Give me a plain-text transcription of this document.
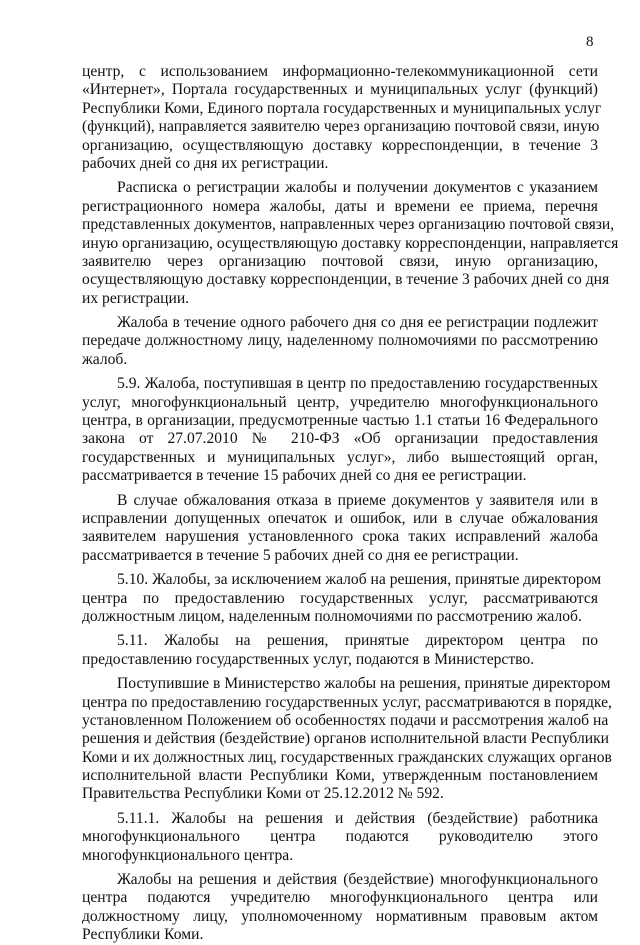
8
центр, с использованием информационно-телекоммуникационной сети
«Интернет», Портала государственных и муниципальных услуг (функций)
Республики Коми, Единого портала государственных и муниципальных услуг
(функций), направляется заявителю через организацию почтовой связи, иную
организацию, осуществляющую доставку корреспонденции, в течение 3
рабочих дней со дня их регистрации.
Расписка о регистрации жалобы и получении документов с указанием
регистрационного номера жалобы, даты и времени ее приема, перечня
представленных документов, направленных через организацию почтовой связи,
иную организацию, осуществляющую доставку корреспонденции, направляется
заявителю через организацию почтовой связи, иную организацию,
осуществляющую доставку корреспонденции, в течение 3 рабочих дней со дня
их регистрации.
Жалоба в течение одного рабочего дня со дня ее регистрации подлежит
передаче должностному лицу, наделенному полномочиями по рассмотрению
жалоб.
5.9. Жалоба, поступившая в центр по предоставлению государственных
услуг, многофункциональный центр, учредителю многофункционального
центра, в организации, предусмотренные частью 1.1 статьи 16 Федерального
закона от 27.07.2010 № 210-ФЗ «Об организации предоставления
государственных и муниципальных услуг», либо вышестоящий орган,
рассматривается в течение 15 рабочих дней со дня ее регистрации.
В случае обжалования отказа в приеме документов у заявителя или в
исправлении допущенных опечаток и ошибок, или в случае обжалования
заявителем нарушения установленного срока таких исправлений жалоба
рассматривается в течение 5 рабочих дней со дня ее регистрации.
5.10. Жалобы, за исключением жалоб на решения, принятые директором
центра по предоставлению государственных услуг, рассматриваются
должностным лицом, наделенным полномочиями по рассмотрению жалоб.
5.11. Жалобы на решения, принятые директором центра по
предоставлению государственных услуг, подаются в Министерство.
Поступившие в Министерство жалобы на решения, принятые директором
центра по предоставлению государственных услуг, рассматриваются в порядке,
установленном Положением об особенностях подачи и рассмотрения жалоб на
решения и действия (бездействие) органов исполнительной власти Республики
Коми и их должностных лиц, государственных гражданских служащих органов
исполнительной власти Республики Коми, утвержденным постановлением
Правительства Республики Коми от 25.12.2012 № 592.
5.11.1. Жалобы на решения и действия (бездействие) работника
многофункционального центра подаются руководителю этого
многофункционального центра.
Жалобы на решения и действия (бездействие) многофункционального
центра подаются учредителю многофункционального центра или
должностному лицу, уполномоченному нормативным правовым актом
Республики Коми.
